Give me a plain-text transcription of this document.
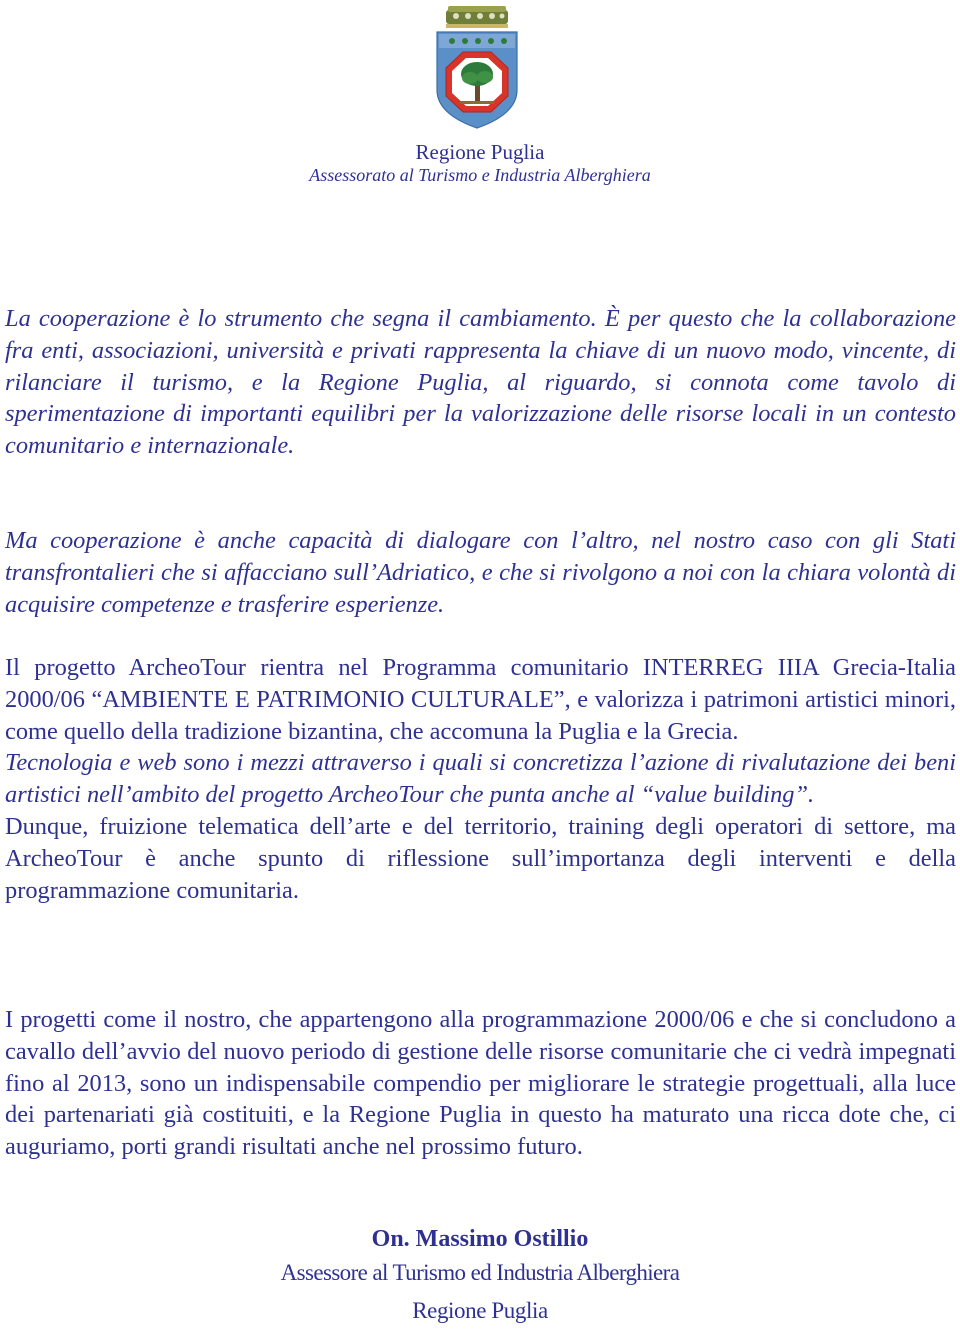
Regione Puglia
Assessorato al Turismo e Industria Alberghiera

La cooperazione è lo strumento che segna il cambiamento. È per questo che la collaborazione fra enti, associazioni, università e privati rappresenta la chiave di un nuovo modo, vincente, di rilanciare il turismo, e la Regione Puglia, al riguardo, si connota come tavolo di sperimentazione di importanti equilibri per la valorizzazione delle risorse locali in un contesto comunitario e internazionale.

Ma cooperazione è anche capacità di dialogare con l’altro, nel nostro caso con gli Stati transfrontalieri che si affacciano sull’Adriatico, e che si rivolgono a noi con la chiara volontà di acquisire competenze e trasferire esperienze.

Il progetto ArcheoTour rientra nel Programma comunitario INTERREG IIIA Grecia-Italia 2000/06 “AMBIENTE E PATRIMONIO CULTURALE”, e valorizza i patrimoni artistici minori, come quello della tradizione bizantina, che accomuna la Puglia e la Grecia.
Tecnologia e web sono i mezzi attraverso i quali si concretizza l’azione di rivalutazione dei beni artistici nell’ambito del progetto ArcheoTour che punta anche al “value building”.
Dunque, fruizione telematica dell’arte e del territorio, training degli operatori di settore, ma ArcheoTour è anche spunto di riflessione sull’importanza degli interventi e della programmazione comunitaria.

I progetti come il nostro, che appartengono alla programmazione 2000/06 e che si concludono a cavallo dell’avvio del nuovo periodo di gestione delle risorse comunitarie che ci vedrà impegnati fino al 2013, sono un indispensabile compendio per migliorare le strategie progettuali, alla luce dei partenariati già costituiti, e la Regione Puglia in questo ha maturato una ricca dote che, ci auguriamo, porti grandi risultati anche nel prossimo futuro.

On. Massimo Ostillio
Assessore al Turismo ed Industria Alberghiera
Regione Puglia
